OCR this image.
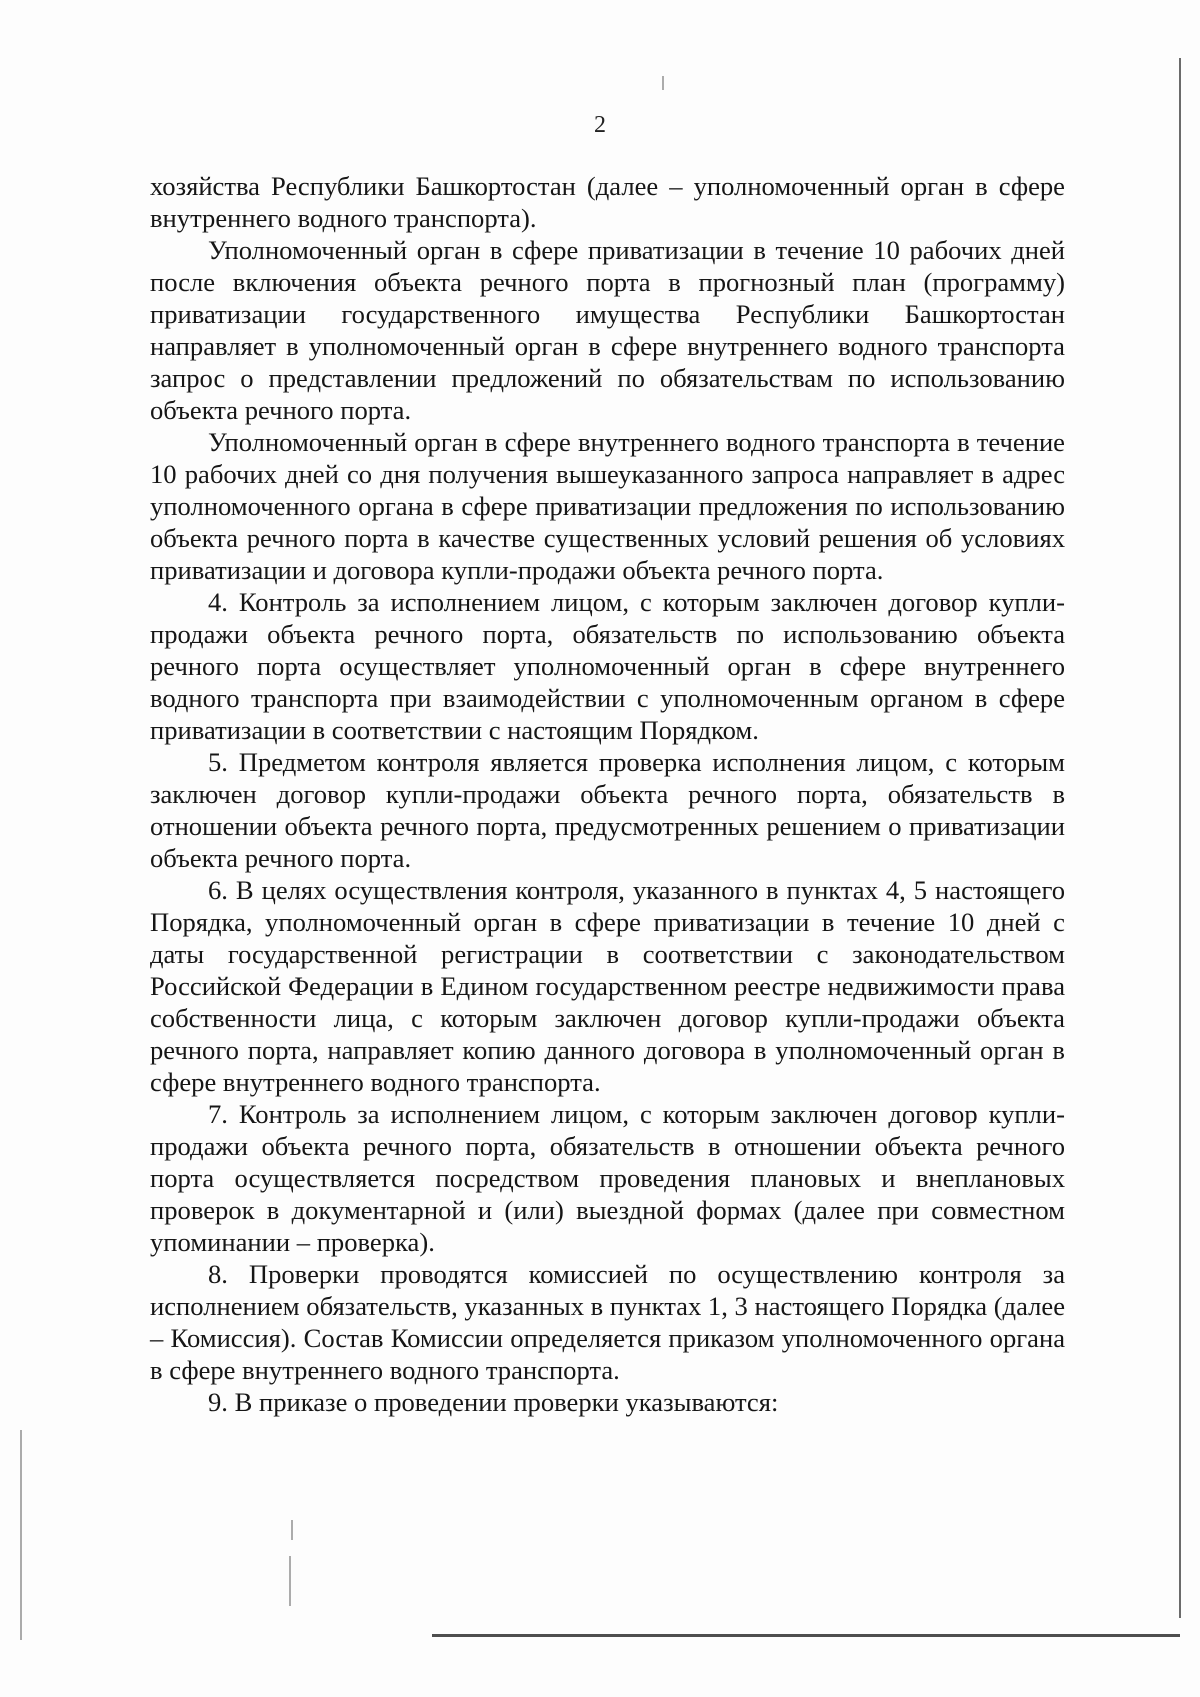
2

хозяйства Республики Башкортостан (далее – уполномоченный орган в сфере внутреннего водного транспорта).

Уполномоченный орган в сфере приватизации в течение 10 рабочих дней после включения объекта речного порта в прогнозный план (программу) приватизации государственного имущества Республики Башкортостан направляет в уполномоченный орган в сфере внутреннего водного транспорта запрос о представлении предложений по обязательствам по использованию объекта речного порта.

Уполномоченный орган в сфере внутреннего водного транспорта в течение 10 рабочих дней со дня получения вышеуказанного запроса направляет в адрес уполномоченного органа в сфере приватизации предложения по использованию объекта речного порта в качестве существенных условий решения об условиях приватизации и договора купли-продажи объекта речного порта.

4. Контроль за исполнением лицом, с которым заключен договор купли-продажи объекта речного порта, обязательств по использованию объекта речного порта осуществляет уполномоченный орган в сфере внутреннего водного транспорта при взаимодействии с уполномоченным органом в сфере приватизации в соответствии с настоящим Порядком.

5. Предметом контроля является проверка исполнения лицом, с которым заключен договор купли-продажи объекта речного порта, обязательств в отношении объекта речного порта, предусмотренных решением о приватизации объекта речного порта.

6. В целях осуществления контроля, указанного в пунктах 4, 5 настоящего Порядка, уполномоченный орган в сфере приватизации в течение 10 дней с даты государственной регистрации в соответствии с законодательством Российской Федерации в Едином государственном реестре недвижимости права собственности лица, с которым заключен договор купли-продажи объекта речного порта, направляет копию данного договора в уполномоченный орган в сфере внутреннего водного транспорта.

7. Контроль за исполнением лицом, с которым заключен договор купли-продажи объекта речного порта, обязательств в отношении объекта речного порта осуществляется посредством проведения плановых и внеплановых проверок в документарной и (или) выездной формах (далее при совместном упоминании – проверка).

8. Проверки проводятся комиссией по осуществлению контроля за исполнением обязательств, указанных в пунктах 1, 3 настоящего Порядка (далее – Комиссия). Состав Комиссии определяется приказом уполномоченного органа в сфере внутреннего водного транспорта.

9. В приказе о проведении проверки указываются:
